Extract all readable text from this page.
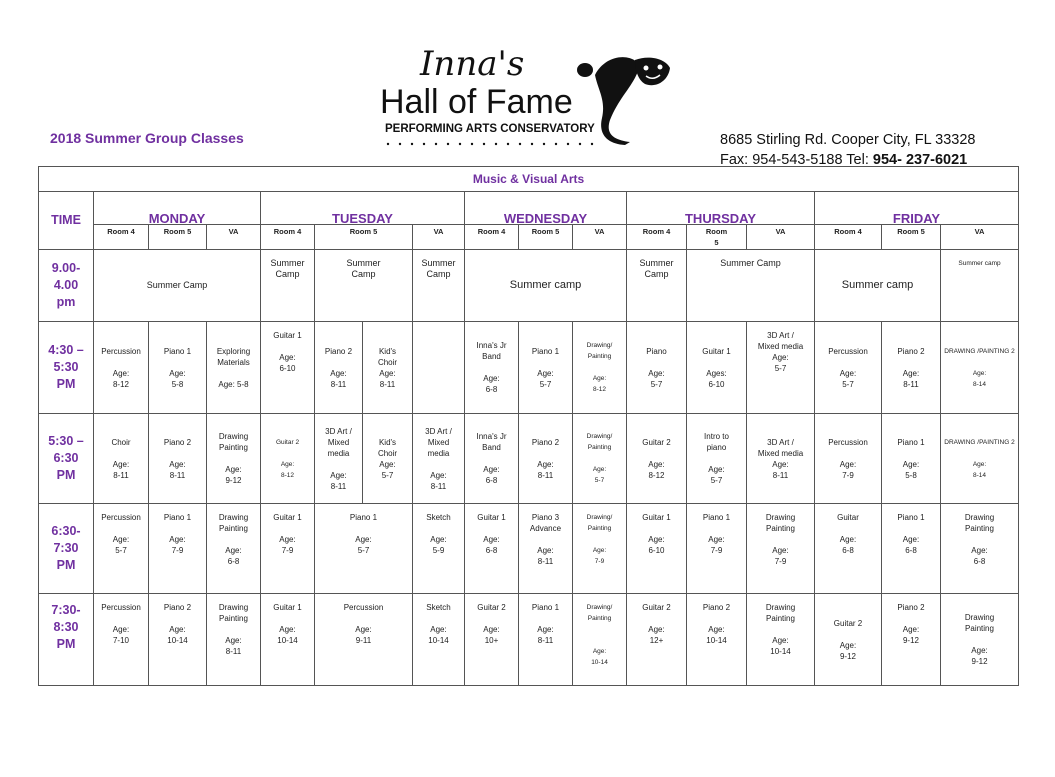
2018 Summer Group Classes
Inna's
Hall of Fame
PERFORMING ARTS CONSERVATORY
8685 Stirling Rd. Cooper City, FL 33328
Fax: 954-543-5188 Tel: 954- 237-6021
Music & Visual Arts																
TIME	MONDAY			TUESDAY				WEDNESDAY			THURSDAY			FRIDAY		
	Room 4	Room 5	VA	Room 4	Room 5		VA	Room 4	Room 5	VA	Room 4	Room
5	VA	Room 4	Room 5	VA
9.00-
4.00
pm	Summer Camp			Summer
Camp	Summer
Camp		Summer Camp	Summer camp			Summer
Camp	Summer Camp		Summer camp		Summer camp
4:30 –
5:30
PM	Percussion

Age:
8-12	Piano 1

Age:
5-8	Exploring
Materials

Age: 5-8	Guitar 1

Age:
6-10	Piano 2

Age:
8-11	Kid's
Choir
Age:
8-11		Inna's Jr
Band

Age:
6-8	Piano 1

Age:
5-7	Drawing/
Painting

Age:
8-12	Piano

Age:
5-7	Guitar 1

Ages:
6-10	3D Art /
Mixed media
Age:
5-7	Percussion

Age:
5-7	Piano 2

Age:
8-11	DRAWING /PAINTING 2

Age:
8-14
5:30 –
6:30
PM	Choir

Age:
8-11	Piano 2

Age:
8-11	Drawing
Painting

Age:
9-12	Guitar 2

Age:
8-12	3D Art /
Mixed
media

Age:
8-11	Kid's
Choir
Age:
5-7	3D Art /
Mixed
media

Age:
8-11	Inna's Jr
Band

Age:
6-8	Piano 2

Age:
8-11	Drawing/
Painting

Age:
5-7	Guitar 2

Age:
8-12	Intro to
piano

Age:
5-7	3D Art /
Mixed media
Age:
8-11	Percussion

Age:
7-9	Piano 1

Age:
5-8	DRAWING /PAINTING 2

Age:
8-14
6:30-
7:30
PM	Percussion

Age:
5-7	Piano 1

Age:
7-9	Drawing
Painting

Age:
6-8	Guitar 1

Age:
7-9	Piano 1

Age:
5-7		Sketch

Age:
5-9	Guitar 1

Age:
6-8	Piano 3
Advance

Age:
8-11	Drawing/
Painting

Age:
7-9	Guitar 1

Age:
6-10	Piano 1

Age:
7-9	Drawing
Painting

Age:
7-9	Guitar

Age:
6-8	Piano 1

Age:
6-8	Drawing
Painting

Age:
6-8
7:30-
8:30
PM	Percussion

Age:
7-10	Piano 2

Age:
10-14	Drawing
Painting

Age:
8-11	Guitar 1

Age:
10-14	Percussion

Age:
9-11		Sketch

Age:
10-14	Guitar 2

Age:
10+	Piano 1

Age:
8-11	Drawing/
Painting

Age:
10-14	Guitar 2

Age:
12+	Piano 2

Age:
10-14	Drawing
Painting

Age:
10-14	Guitar 2

Age:
9-12	Piano 2

Age:
9-12	Drawing
Painting

Age:
9-12
